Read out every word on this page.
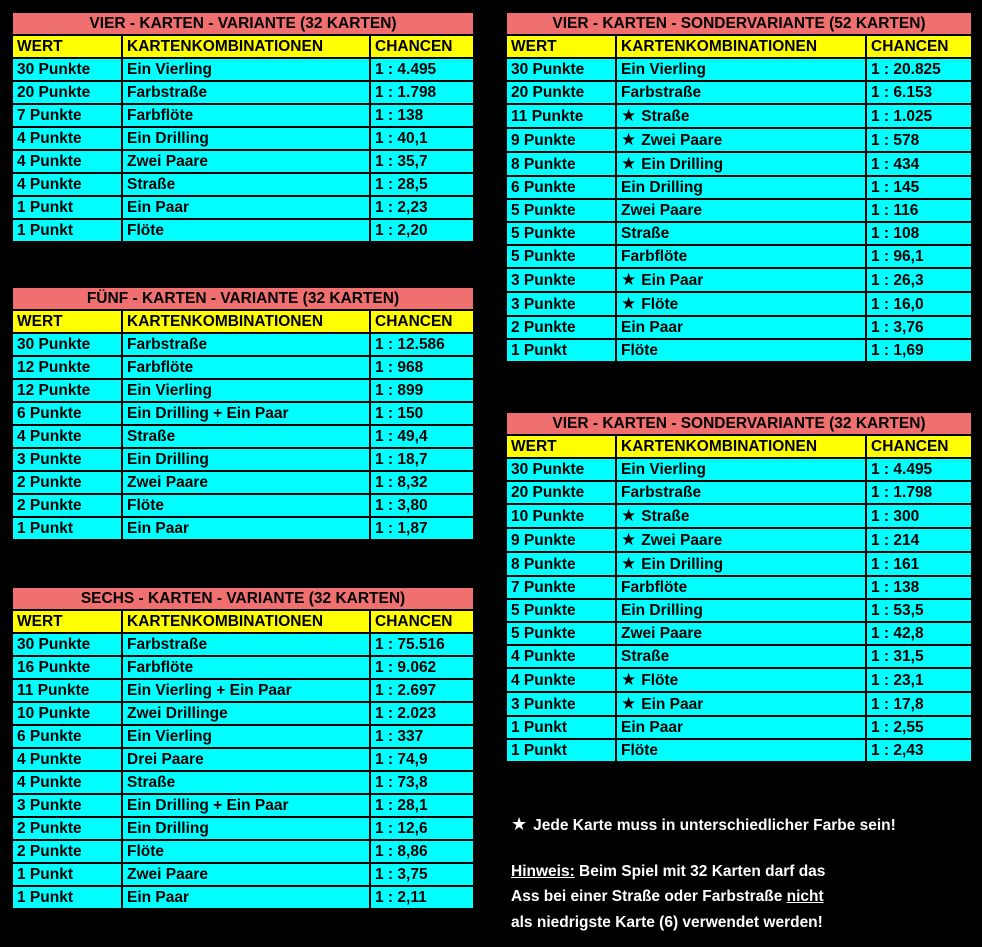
VIER - KARTEN - VARIANTE (32 KARTEN)		
WERT	KARTENKOMBINATIONEN	CHANCEN
30 Punkte	Ein Vierling	1 : 4.495
20 Punkte	Farbstraße	1 : 1.798
7 Punkte	Farbflöte	1 : 138
4 Punkte	Ein Drilling	1 : 40,1
4 Punkte	Zwei Paare	1 : 35,7
4 Punkte	Straße	1 : 28,5
1 Punkt	Ein Paar	1 : 2,23
1 Punkt	Flöte	1 : 2,20
FÜNF - KARTEN - VARIANTE (32 KARTEN)		
WERT	KARTENKOMBINATIONEN	CHANCEN
30 Punkte	Farbstraße	1 : 12.586
12 Punkte	Farbflöte	1 : 968
12 Punkte	Ein Vierling	1 : 899
6 Punkte	Ein Drilling + Ein Paar	1 : 150
4 Punkte	Straße	1 : 49,4
3 Punkte	Ein Drilling	1 : 18,7
2 Punkte	Zwei Paare	1 : 8,32
2 Punkte	Flöte	1 : 3,80
1 Punkt	Ein Paar	1 : 1,87
SECHS - KARTEN - VARIANTE (32 KARTEN)		
WERT	KARTENKOMBINATIONEN	CHANCEN
30 Punkte	Farbstraße	1 : 75.516
16 Punkte	Farbflöte	1 : 9.062
11 Punkte	Ein Vierling + Ein Paar	1 : 2.697
10 Punkte	Zwei Drillinge	1 : 2.023
6 Punkte	Ein Vierling	1 : 337
4 Punkte	Drei Paare	1 : 74,9
4 Punkte	Straße	1 : 73,8
3 Punkte	Ein Drilling + Ein Paar	1 : 28,1
2 Punkte	Ein Drilling	1 : 12,6
2 Punkte	Flöte	1 : 8,86
1 Punkt	Zwei Paare	1 : 3,75
1 Punkt	Ein Paar	1 : 2,11
VIER - KARTEN - SONDERVARIANTE (52 KARTEN)		
WERT	KARTENKOMBINATIONEN	CHANCEN
30 Punkte	Ein Vierling	1 : 20.825
20 Punkte	Farbstraße	1 : 6.153
11 Punkte	★ Straße	1 : 1.025
9 Punkte	★ Zwei Paare	1 : 578
8 Punkte	★ Ein Drilling	1 : 434
6 Punkte	Ein Drilling	1 : 145
5 Punkte	Zwei Paare	1 : 116
5 Punkte	Straße	1 : 108
5 Punkte	Farbflöte	1 : 96,1
3 Punkte	★ Ein Paar	1 : 26,3
3 Punkte	★ Flöte	1 : 16,0
2 Punkte	Ein Paar	1 : 3,76
1 Punkt	Flöte	1 : 1,69
VIER - KARTEN - SONDERVARIANTE (32 KARTEN)		
WERT	KARTENKOMBINATIONEN	CHANCEN
30 Punkte	Ein Vierling	1 : 4.495
20 Punkte	Farbstraße	1 : 1.798
10 Punkte	★ Straße	1 : 300
9 Punkte	★ Zwei Paare	1 : 214
8 Punkte	★ Ein Drilling	1 : 161
7 Punkte	Farbflöte	1 : 138
5 Punkte	Ein Drilling	1 : 53,5
5 Punkte	Zwei Paare	1 : 42,8
4 Punkte	Straße	1 : 31,5
4 Punkte	★ Flöte	1 : 23,1
3 Punkte	★ Ein Paar	1 : 17,8
1 Punkt	Ein Paar	1 : 2,55
1 Punkt	Flöte	1 : 2,43
★ Jede Karte muss in unterschiedlicher Farbe sein!
Hinweis: Beim Spiel mit 32 Karten darf das
Ass bei einer Straße oder Farbstraße nicht
als niedrigste Karte (6) verwendet werden!
